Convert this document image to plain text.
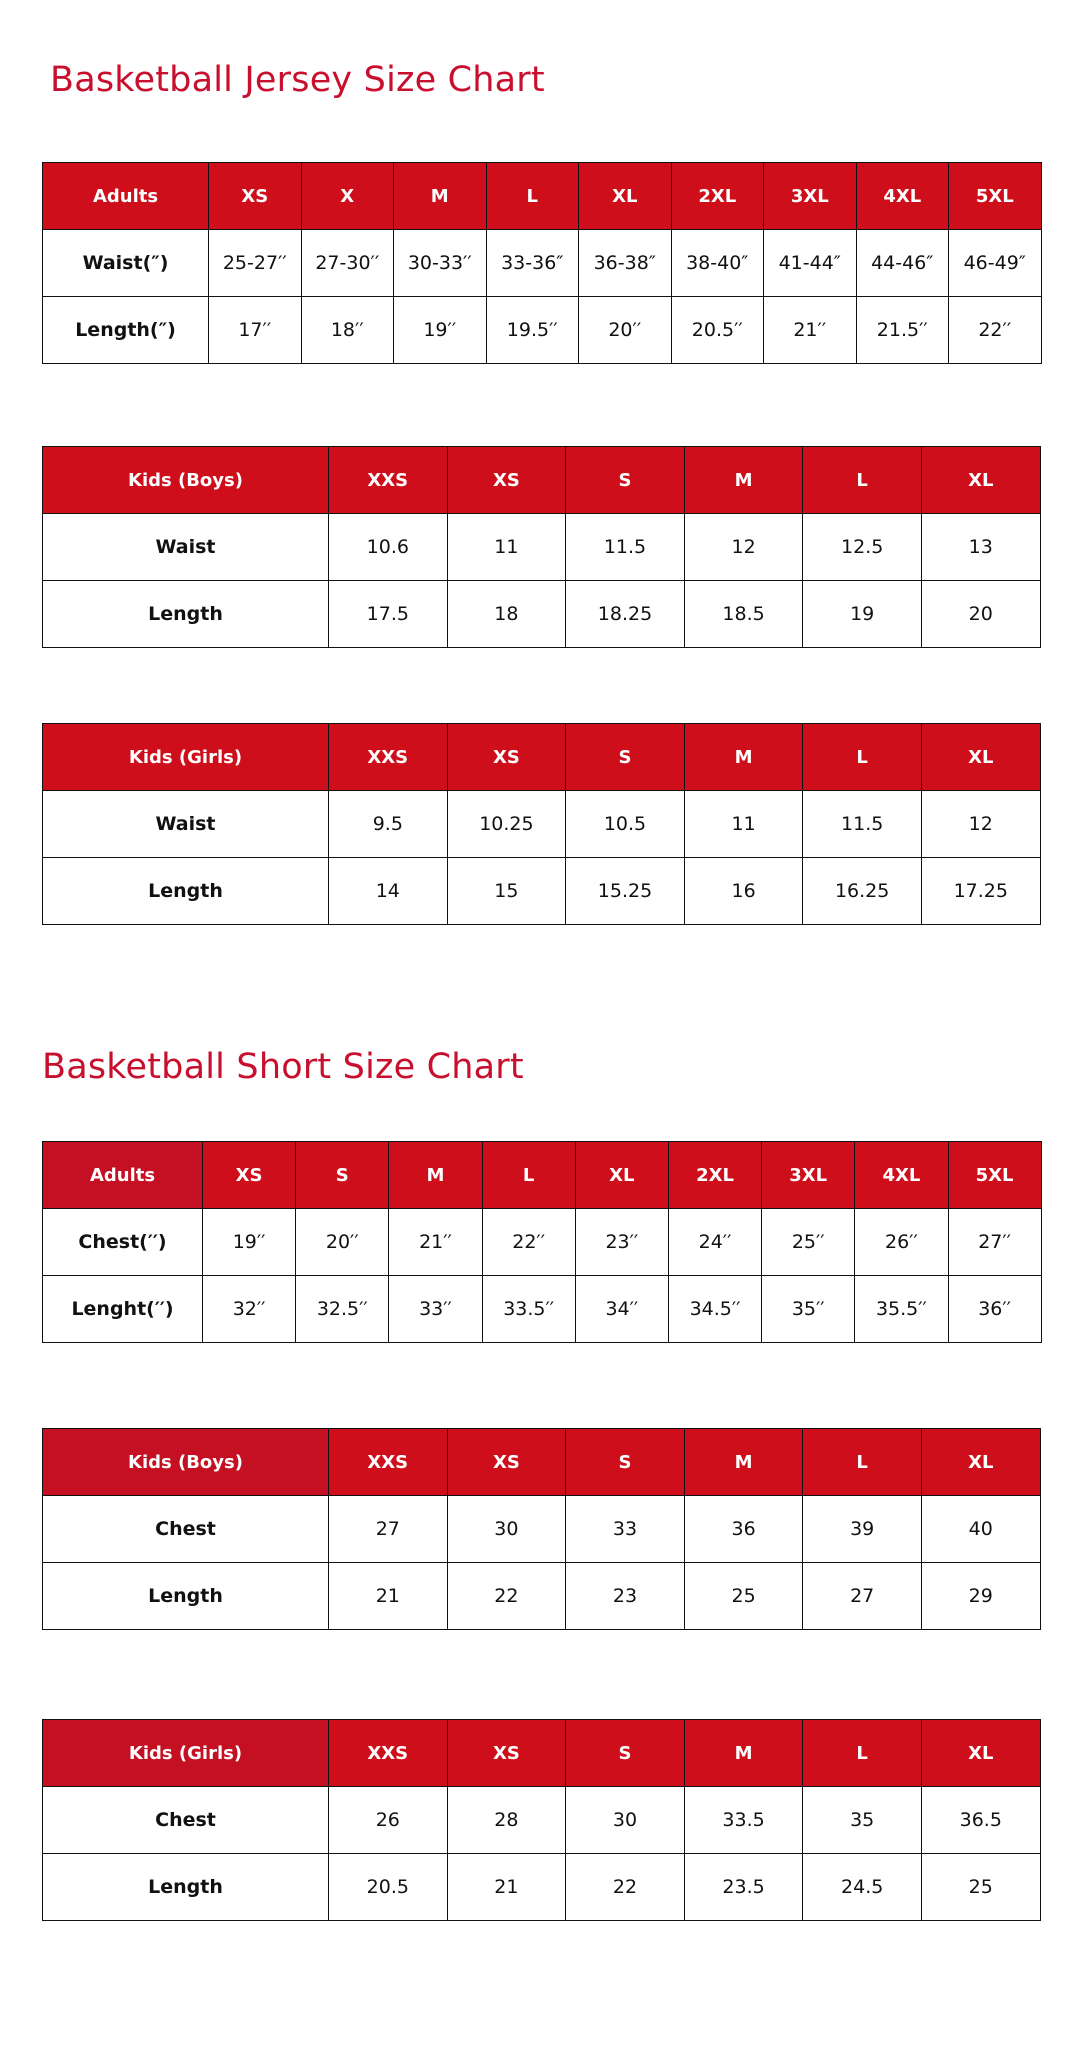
Basketball Jersey Size Chart
Adults	XS	X	M	L	XL	2XL	3XL	4XL	5XL
Waist(″)	25-27′′	27-30′′	30-33′′	33-36″	36-38″	38-40″	41-44″	44-46″	46-49″
Length(″)	17′′	18′′	19′′	19.5′′	20′′	20.5′′	21′′	21.5′′	22′′
Kids (Boys)	XXS	XS	S	M	L	XL
Waist	10.6	11	11.5	12	12.5	13
Length	17.5	18	18.25	18.5	19	20
Kids (Girls)	XXS	XS	S	M	L	XL
Waist	9.5	10.25	10.5	11	11.5	12
Length	14	15	15.25	16	16.25	17.25
Basketball Short Size Chart
Adults	XS	S	M	L	XL	2XL	3XL	4XL	5XL
Chest(′′)	19′′	20′′	21′′	22′′	23′′	24′′	25′′	26′′	27′′
Lenght(′′)	32′′	32.5′′	33′′	33.5′′	34′′	34.5′′	35′′	35.5′′	36′′
Kids (Boys)	XXS	XS	S	M	L	XL
Chest	27	30	33	36	39	40
Length	21	22	23	25	27	29
Kids (Girls)	XXS	XS	S	M	L	XL
Chest	26	28	30	33.5	35	36.5
Length	20.5	21	22	23.5	24.5	25
